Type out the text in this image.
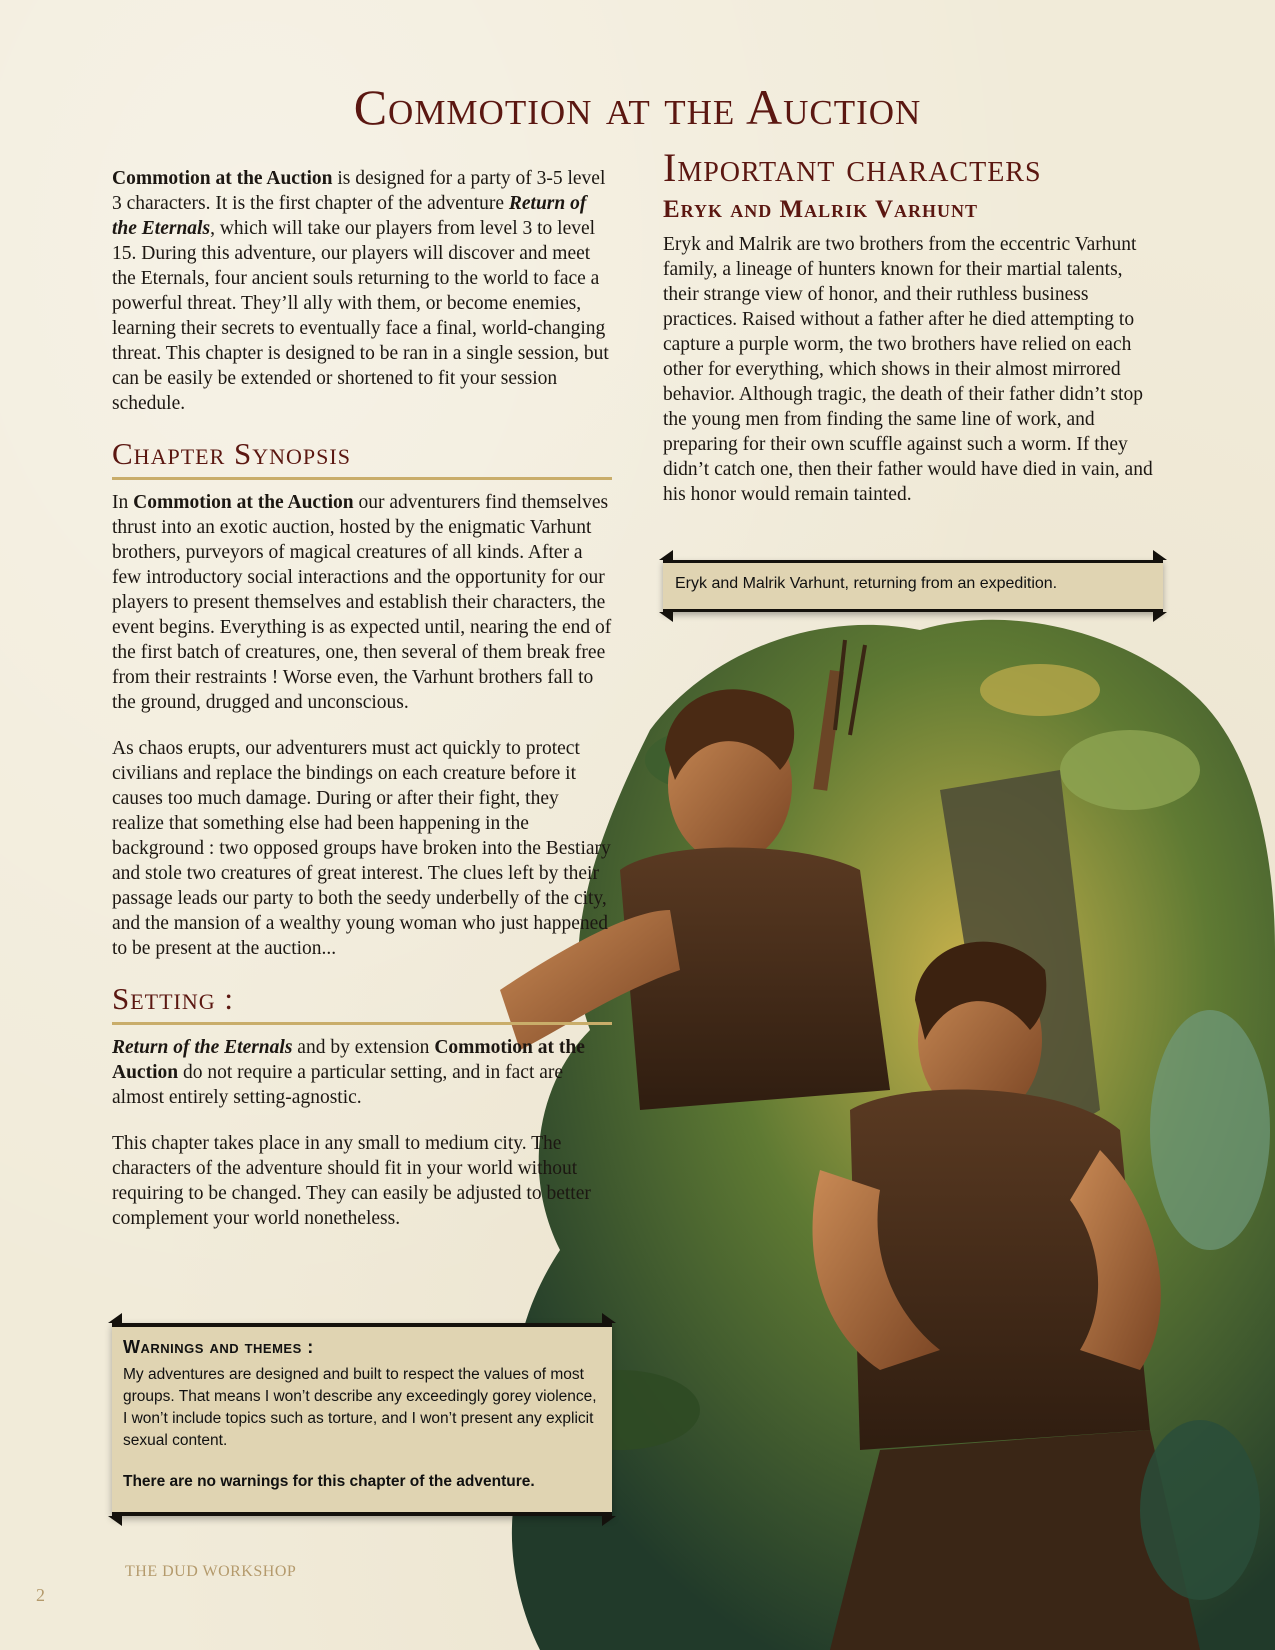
Commotion at the Auction

Commotion at the Auction is designed for a party of 3-5 level 3 characters. It is the first chapter of the adventure Return of the Eternals, which will take our players from level 3 to level 15. During this adventure, our players will discover and meet the Eternals, four ancient souls returning to the world to face a powerful threat. They’ll ally with them, or become enemies, learning their secrets to eventually face a final, world-changing threat. This chapter is designed to be ran in a single session, but can be easily be extended or shortened to fit your session schedule.

Chapter Synopsis

In Commotion at the Auction our adventurers find themselves thrust into an exotic auction, hosted by the enigmatic Varhunt brothers, purveyors of magical creatures of all kinds. After a few introductory social interactions and the opportunity for our players to present themselves and establish their characters, the event begins. Everything is as expected until, nearing the end of the first batch of creatures, one, then several of them break free from their restraints ! Worse even, the Varhunt brothers fall to the ground, drugged and unconscious.

As chaos erupts, our adventurers must act quickly to protect civilians and replace the bindings on each creature before it causes too much damage. During or after their fight, they realize that something else had been happening in the background : two opposed groups have broken into the Bestiary and stole two creatures of great interest. The clues left by their passage leads our party to both the seedy underbelly of the city, and the mansion of a wealthy young woman who just happened to be present at the auction...

Setting :

Return of the Eternals and by extension Commotion at the Auction do not require a particular setting, and in fact are almost entirely setting-agnostic.

This chapter takes place in any small to medium city. The characters of the adventure should fit in your world without requiring to be changed. They can easily be adjusted to better complement your world nonetheless.

Warnings and themes :
My adventures are designed and built to respect the values of most groups. That means I won’t describe any exceedingly gorey violence, I won’t include topics such as torture, and I won’t present any explicit sexual content.
There are no warnings for this chapter of the adventure.
Important characters
Eryk and Malrik Varhunt

Eryk and Malrik are two brothers from the eccentric Varhunt family, a lineage of hunters known for their martial talents, their strange view of honor, and their ruthless business practices. Raised without a father after he died attempting to capture a purple worm, the two brothers have relied on each other for everything, which shows in their almost mirrored behavior. Although tragic, the death of their father didn’t stop the young men from finding the same line of work, and preparing for their own scuffle against such a worm. If they didn’t catch one, then their father would have died in vain, and his honor would remain tainted.

Eryk and Malrik Varhunt, returning from an expedition.
THE DUD WORKSHOP
2
